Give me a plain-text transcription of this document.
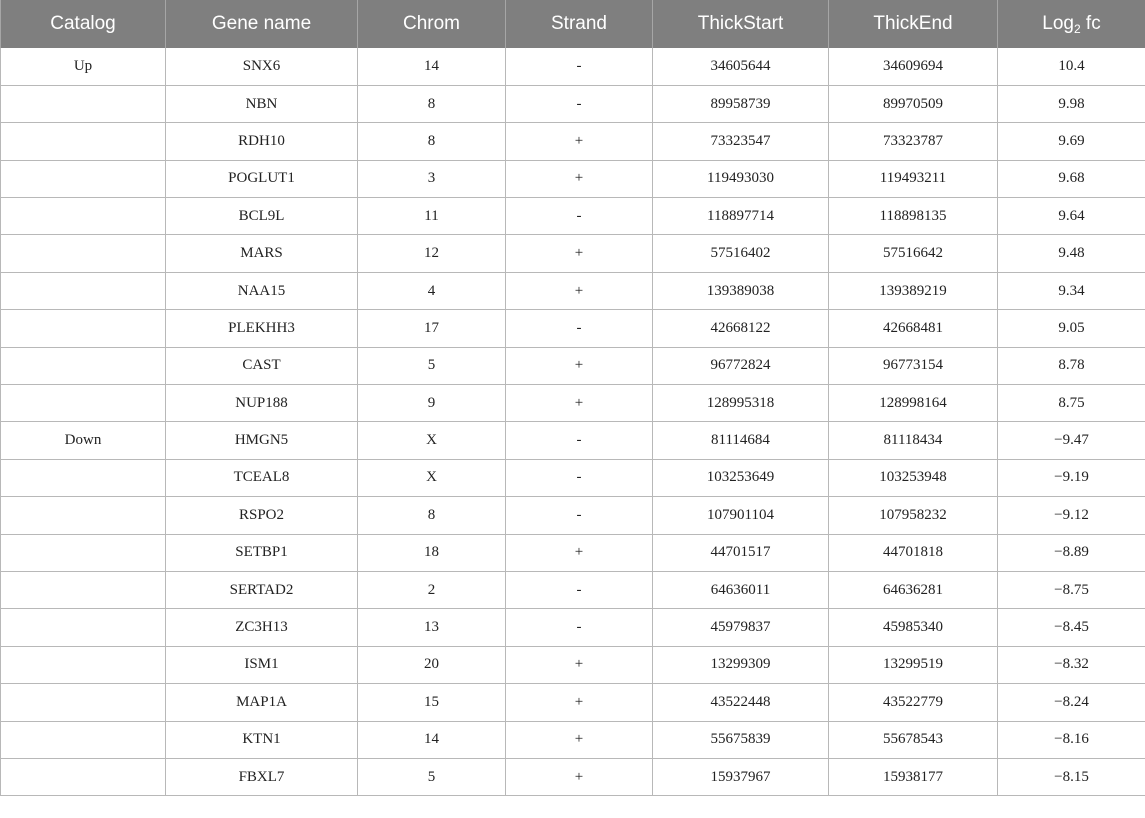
Catalog	Gene name	Chrom	Strand	ThickStart	ThickEnd	Log$_2$ fc
Up	SNX6	14	-	34605644	34609694	10.4
	NBN	8	-	89958739	89970509	9.98
	RDH10	8	+	73323547	73323787	9.69
	POGLUT1	3	+	119493030	119493211	9.68
	BCL9L	11	-	118897714	118898135	9.64
	MARS	12	+	57516402	57516642	9.48
	NAA15	4	+	139389038	139389219	9.34
	PLEKHH3	17	-	42668122	42668481	9.05
	CAST	5	+	96772824	96773154	8.78
	NUP188	9	+	128995318	128998164	8.75
Down	HMGN5	X	-	81114684	81118434	−9.47
	TCEAL8	X	-	103253649	103253948	−9.19
	RSPO2	8	-	107901104	107958232	−9.12
	SETBP1	18	+	44701517	44701818	−8.89
	SERTAD2	2	-	64636011	64636281	−8.75
	ZC3H13	13	-	45979837	45985340	−8.45
	ISM1	20	+	13299309	13299519	−8.32
	MAP1A	15	+	43522448	43522779	−8.24
	KTN1	14	+	55675839	55678543	−8.16
	FBXL7	5	+	15937967	15938177	−8.15
